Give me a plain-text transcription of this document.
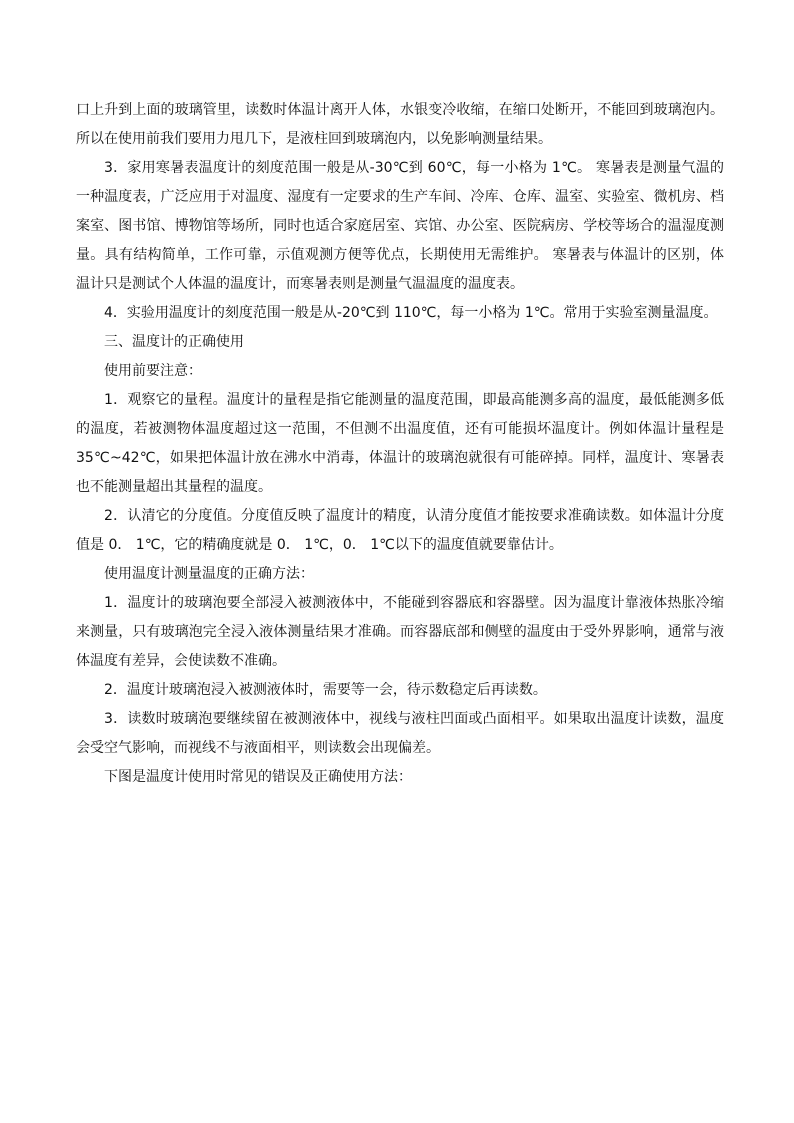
口上升到上面的玻璃管里，读数时体温计离开人体，水银变冷收缩，在缩口处断开，不能回到玻璃泡内。所以在使用前我们要用力甩几下，是液柱回到玻璃泡内，以免影响测量结果。

3．家用寒暑表温度计的刻度范围一般是从-30℃到 60℃，每一小格为 1℃。 寒暑表是测量气温的一种温度表，广泛应用于对温度、湿度有一定要求的生产车间、冷库、仓库、温室、实验室、微机房、档案室、图书馆、博物馆等场所，同时也适合家庭居室、宾馆、办公室、医院病房、学校等场合的温湿度测量。具有结构简单，工作可靠，示值观测方便等优点，长期使用无需维护。 寒暑表与体温计的区别，体温计只是测试个人体温的温度计，而寒暑表则是测量气温温度的温度表。

4．实验用温度计的刻度范围一般是从-20℃到 110℃，每一小格为 1℃。常用于实验室测量温度。

三、温度计的正确使用

使用前要注意：

1．观察它的量程。温度计的量程是指它能测量的温度范围，即最高能测多高的温度，最低能测多低的温度，若被测物体温度超过这一范围，不但测不出温度值，还有可能损坏温度计。例如体温计量程是 35℃~42℃，如果把体温计放在沸水中消毒，体温计的玻璃泡就很有可能碎掉。同样，温度计、寒暑表也不能测量超出其量程的温度。

2．认清它的分度值。分度值反映了温度计的精度，认清分度值才能按要求准确读数。如体温计分度值是 0． 1℃，它的精确度就是 0． 1℃，0． 1℃以下的温度值就要靠估计。

使用温度计测量温度的正确方法：

1．温度计的玻璃泡要全部浸入被测液体中，不能碰到容器底和容器壁。因为温度计靠液体热胀冷缩来测量，只有玻璃泡完全浸入液体测量结果才准确。而容器底部和侧壁的温度由于受外界影响，通常与液体温度有差异，会使读数不准确。

2．温度计玻璃泡浸入被测液体时，需要等一会，待示数稳定后再读数。

3．读数时玻璃泡要继续留在被测液体中，视线与液柱凹面或凸面相平。如果取出温度计读数，温度会受空气影响，而视线不与液面相平，则读数会出现偏差。

下图是温度计使用时常见的错误及正确使用方法：
